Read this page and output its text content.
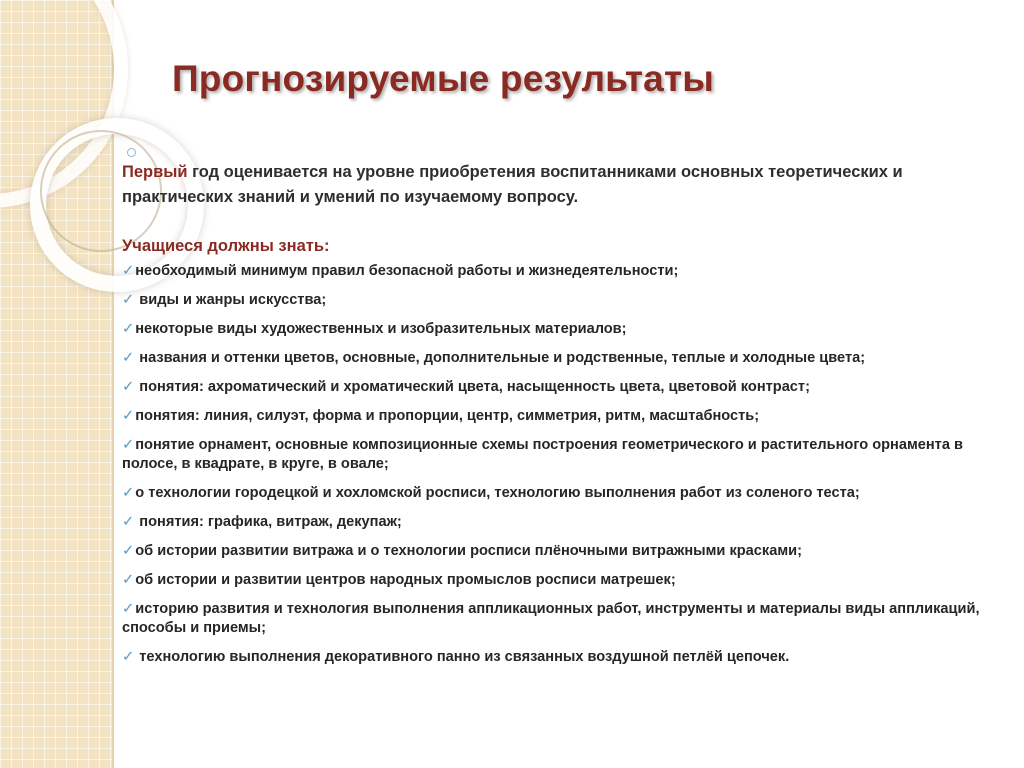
Прогнозируемые результаты

Первый год оценивается на уровне приобретения воспитанниками основных теоретических и практических знаний и умений по изучаемому вопросу.

Учащиеся должны знать:

✓необходимый минимум правил безопасной работы и жизнедеятельности;
✓ виды и жанры искусства;
✓некоторые виды художественных и изобразительных материалов;
✓ названия и оттенки цветов, основные, дополнительные и родственные, теплые и холодные цвета;
✓ понятия: ахроматический и хроматический цвета, насыщенность цвета, цветовой контраст;
✓понятия: линия, силуэт, форма и пропорции, центр, симметрия, ритм, масштабность;
✓понятие орнамент, основные композиционные схемы построения геометрического и растительного орнамента в полосе, в квадрате, в круге, в овале;
✓о технологии городецкой и хохломской росписи, технологию выполнения работ из соленого теста;
✓ понятия: графика, витраж, декупаж;
✓об истории развитии витража и о технологии росписи плёночными витражными красками;
✓об истории и развитии центров народных промыслов росписи матрешек;
✓историю развития и технология выполнения аппликационных работ, инструменты и материалы виды аппликаций, способы и приемы;
✓ технологию выполнения декоративного панно из связанных воздушной петлёй цепочек.
